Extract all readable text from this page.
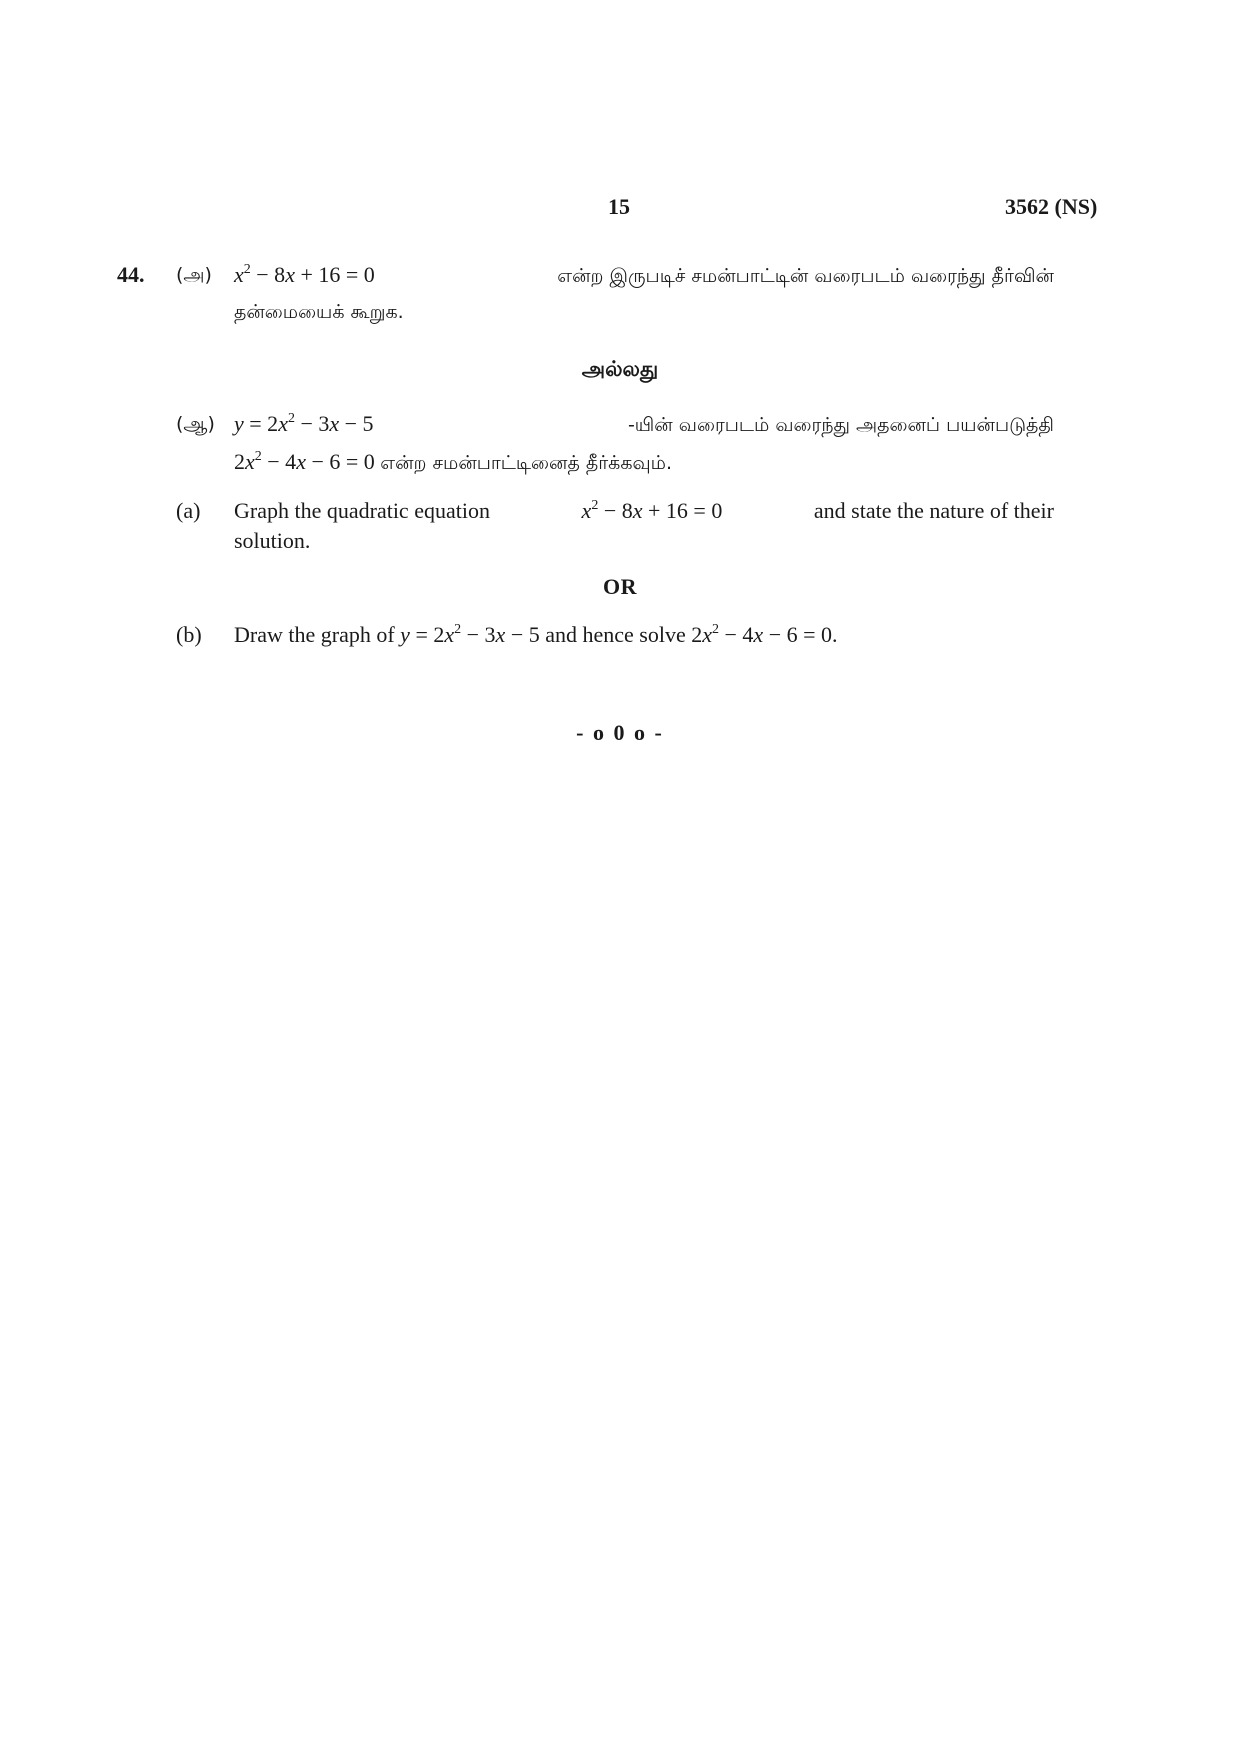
15	3562 (NS)
44. (அ) $x^2 - 8x + 16 = 0$	என்ற இருபடிச் சமன்பாட்டின் வரைபடம் வரைந்து தீர்வின்
தன்மையைக் கூறுக.
அல்லது
(ஆ) $y = 2x^2 - 3x - 5$	-யின் வரைபடம் வரைந்து அதனைப் பயன்படுத்தி
$2x^2 - 4x - 6 = 0$ என்ற சமன்பாட்டினைத் தீர்க்கவும்.
(a) Graph the quadratic equation	$x^2 - 8x + 16 = 0$	and state the nature of their
solution.
OR
(b) Draw the graph of $y = 2x^2 - 3x - 5$ and hence solve $2x^2 - 4x - 6 = 0$.
- o 0 o -
